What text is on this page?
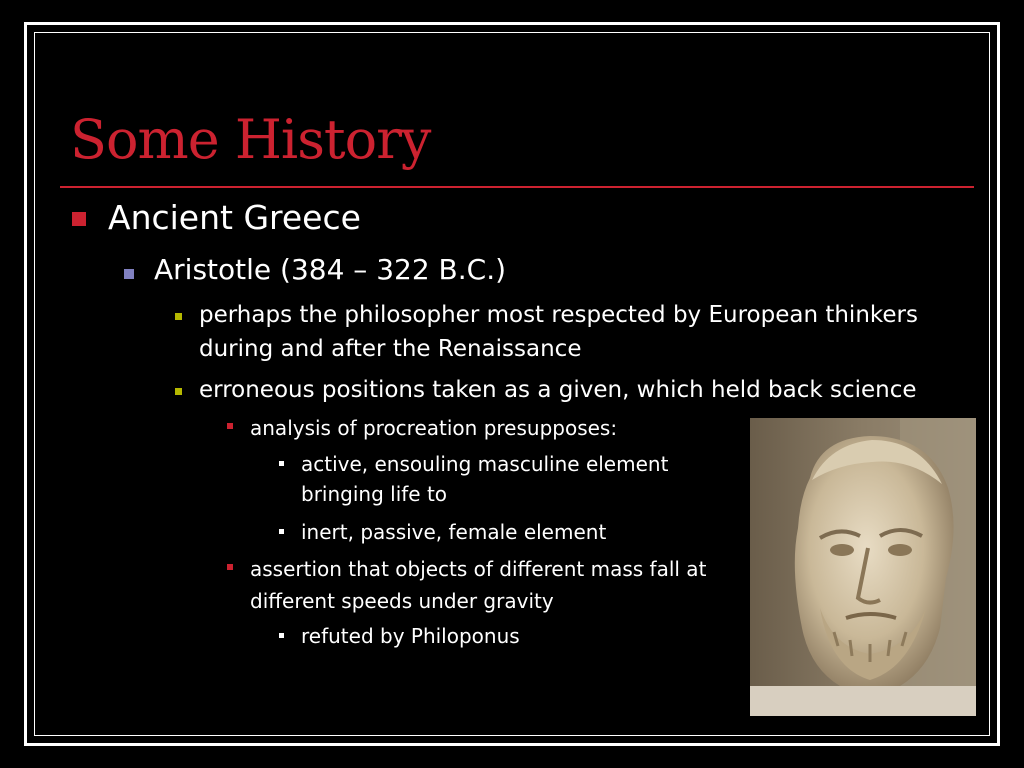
Some History

Ancient Greece

Aristotle (384 – 322 B.C.)

perhaps the philosopher most respected by European thinkers during and after the Renaissance

erroneous positions taken as a given, which held back science

analysis of procreation presupposes:

active, ensouling masculine element bringing life to

inert, passive, female element

assertion that objects of different mass fall at different speeds under gravity

refuted by Philoponus
